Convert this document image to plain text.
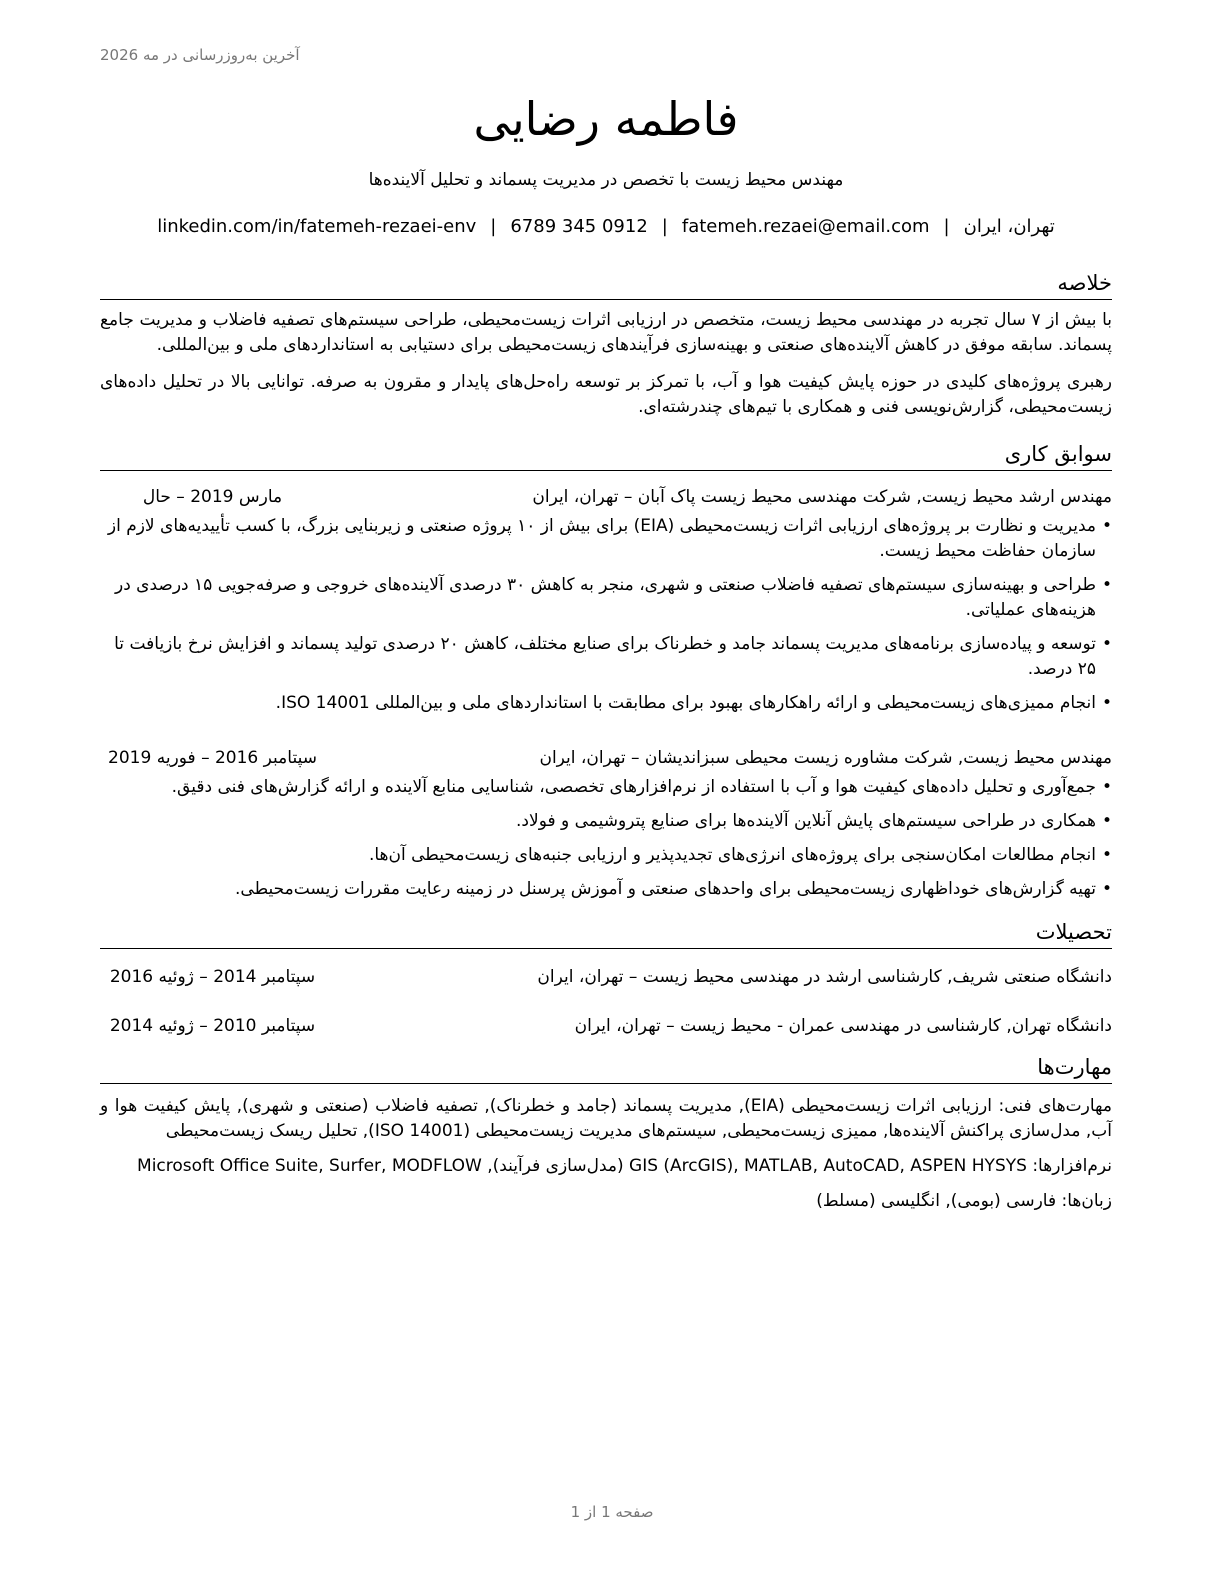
آخرین به‌روزرسانی در مه 2026
فاطمه رضایی
مهندس محیط زیست با تخصص در مدیریت پسماند و تحلیل آلاینده‌ها
تهران، ایران|fatemeh.rezaei@email.com|6789 345 0912|linkedin.com/in/fatemeh-rezaei-env
خلاصه
با بیش از ۷ سال تجربه در مهندسی محیط زیست، متخصص در ارزیابی اثرات زیست‌محیطی، طراحی سیستم‌های تصفیه فاضلاب و مدیریت جامع پسماند. سابقه موفق در کاهش آلاینده‌های صنعتی و بهینه‌سازی فرآیندهای زیست‌محیطی برای دستیابی به استانداردهای ملی و بین‌المللی.
رهبری پروژه‌های کلیدی در حوزه پایش کیفیت هوا و آب، با تمرکز بر توسعه راه‌حل‌های پایدار و مقرون به صرفه. توانایی بالا در تحلیل داده‌های زیست‌محیطی، گزارش‌نویسی فنی و همکاری با تیم‌های چندرشته‌ای.
سوابق کاری
مهندس ارشد محیط زیست, شرکت مهندسی محیط زیست پاک آبان – تهران، ایران
مارس 2019 – حال
• مدیریت و نظارت بر پروژه‌های ارزیابی اثرات زیست‌محیطی (EIA) برای بیش از ۱۰ پروژه صنعتی و زیربنایی بزرگ، با کسب تأییدیه‌های لازم از سازمان حفاظت محیط زیست.
• طراحی و بهینه‌سازی سیستم‌های تصفیه فاضلاب صنعتی و شهری، منجر به کاهش ۳۰ درصدی آلاینده‌های خروجی و صرفه‌جویی ۱۵ درصدی در هزینه‌های عملیاتی.
• توسعه و پیاده‌سازی برنامه‌های مدیریت پسماند جامد و خطرناک برای صنایع مختلف، کاهش ۲۰ درصدی تولید پسماند و افزایش نرخ بازیافت تا ۲۵ درصد.
• انجام ممیزی‌های زیست‌محیطی و ارائه راهکارهای بهبود برای مطابقت با استانداردهای ملی و بین‌المللی ISO 14001.
مهندس محیط زیست, شرکت مشاوره زیست محیطی سبزاندیشان – تهران، ایران
سپتامبر 2016 – فوریه 2019
• جمع‌آوری و تحلیل داده‌های کیفیت هوا و آب با استفاده از نرم‌افزارهای تخصصی، شناسایی منابع آلاینده و ارائه گزارش‌های فنی دقیق.
• همکاری در طراحی سیستم‌های پایش آنلاین آلاینده‌ها برای صنایع پتروشیمی و فولاد.
• انجام مطالعات امکان‌سنجی برای پروژه‌های انرژی‌های تجدیدپذیر و ارزیابی جنبه‌های زیست‌محیطی آن‌ها.
• تهیه گزارش‌های خوداظهاری زیست‌محیطی برای واحدهای صنعتی و آموزش پرسنل در زمینه رعایت مقررات زیست‌محیطی.
تحصیلات
دانشگاه صنعتی شریف, کارشناسی ارشد در مهندسی محیط زیست – تهران، ایران
سپتامبر 2014 – ژوئیه 2016
دانشگاه تهران, کارشناسی در مهندسی عمران - محیط زیست – تهران، ایران
سپتامبر 2010 – ژوئیه 2014
مهارت‌ها
مهارت‌های فنی: ارزیابی اثرات زیست‌محیطی (EIA), مدیریت پسماند (جامد و خطرناک), تصفیه فاضلاب (صنعتی و شهری), پایش کیفیت هوا و آب, مدل‌سازی پراکنش آلاینده‌ها, ممیزی زیست‌محیطی, سیستم‌های مدیریت زیست‌محیطی (ISO 14001), تحلیل ریسک زیست‌محیطی
نرم‌افزارها: GIS (ArcGIS), MATLAB, AutoCAD, ASPEN HYSYS (مدل‌سازی فرآیند), Microsoft Office Suite, Surfer, MODFLOW
زبان‌ها: فارسی (بومی), انگلیسی (مسلط)
صفحه 1 از 1
